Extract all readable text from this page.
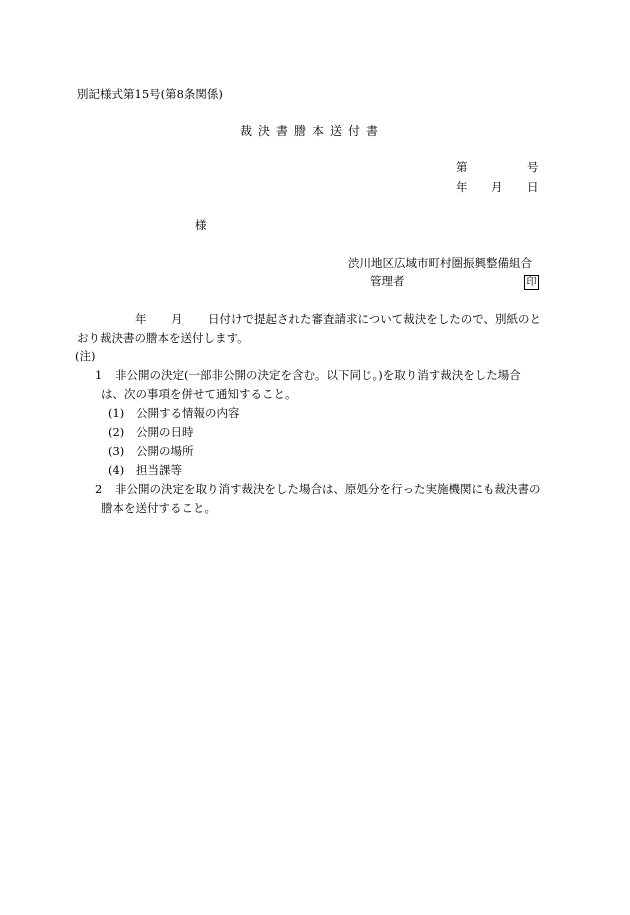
別記様式第15号(第8条関係)
裁決書謄本送付書
第	号
年 月 日
様
渋川地区広域市町村圏振興整備組合
管理者	印
年 月 日付けで提起された審査請求について裁決をしたので、別紙のと
おり裁決書の謄本を送付します。
(注)
1 非公開の決定(一部非公開の決定を含む。以下同じ。)を取り消す裁決をした場合
は、次の事項を併せて通知すること。
(1) 公開する情報の内容
(2) 公開の日時
(3) 公開の場所
(4) 担当課等
2 非公開の決定を取り消す裁決をした場合は、原処分を行った実施機関にも裁決書の
謄本を送付すること。
